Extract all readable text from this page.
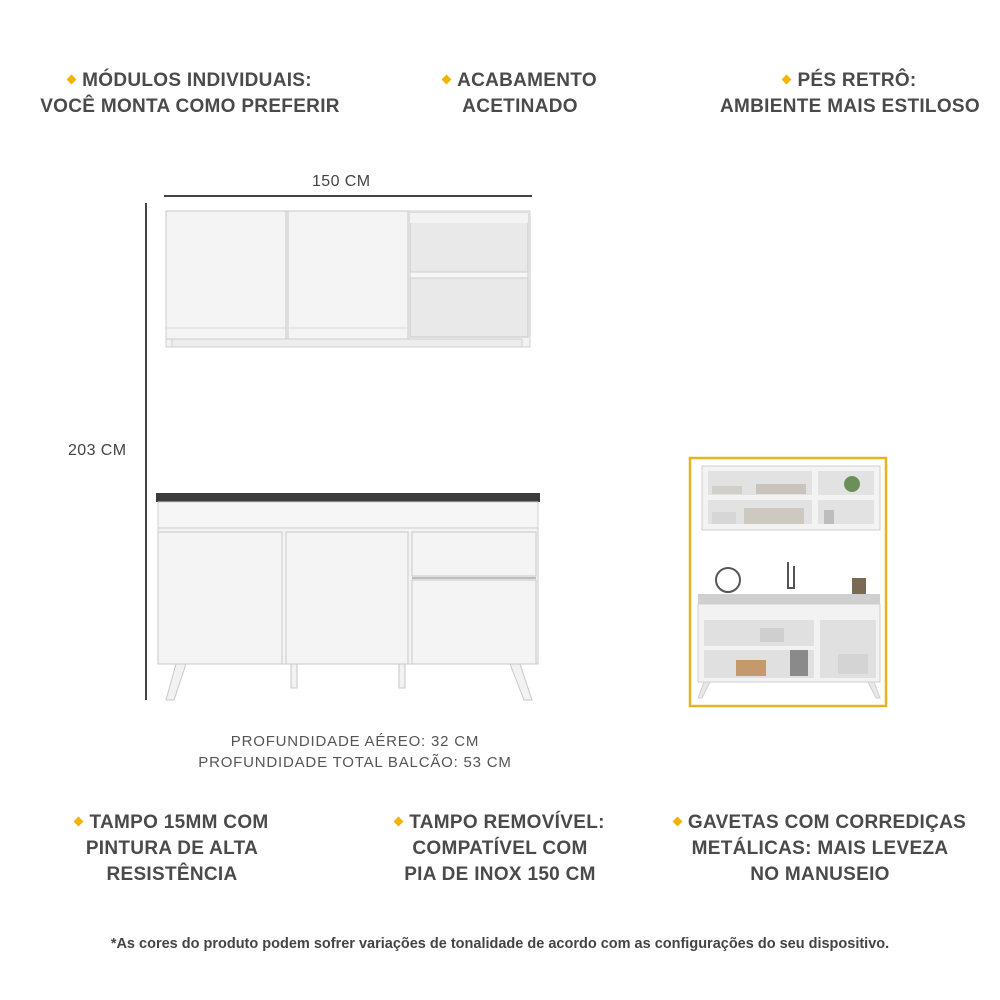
MÓDULOS INDIVIDUAIS:
VOCÊ MONTA COMO PREFERIR
ACABAMENTO
ACETINADO
PÉS RETRÔ:
AMBIENTE MAIS ESTILOSO
150 CM
203 CM
PROFUNDIDADE AÉREO: 32 CM
PROFUNDIDADE TOTAL BALCÃO: 53 CM
TAMPO 15MM COM
PINTURA DE ALTA
RESISTÊNCIA
TAMPO REMOVÍVEL:
COMPATÍVEL COM
PIA DE INOX 150 CM
GAVETAS COM CORREDIÇAS
METÁLICAS: MAIS LEVEZA
NO MANUSEIO
*As cores do produto podem sofrer variações de tonalidade de acordo com as configurações do seu dispositivo.
